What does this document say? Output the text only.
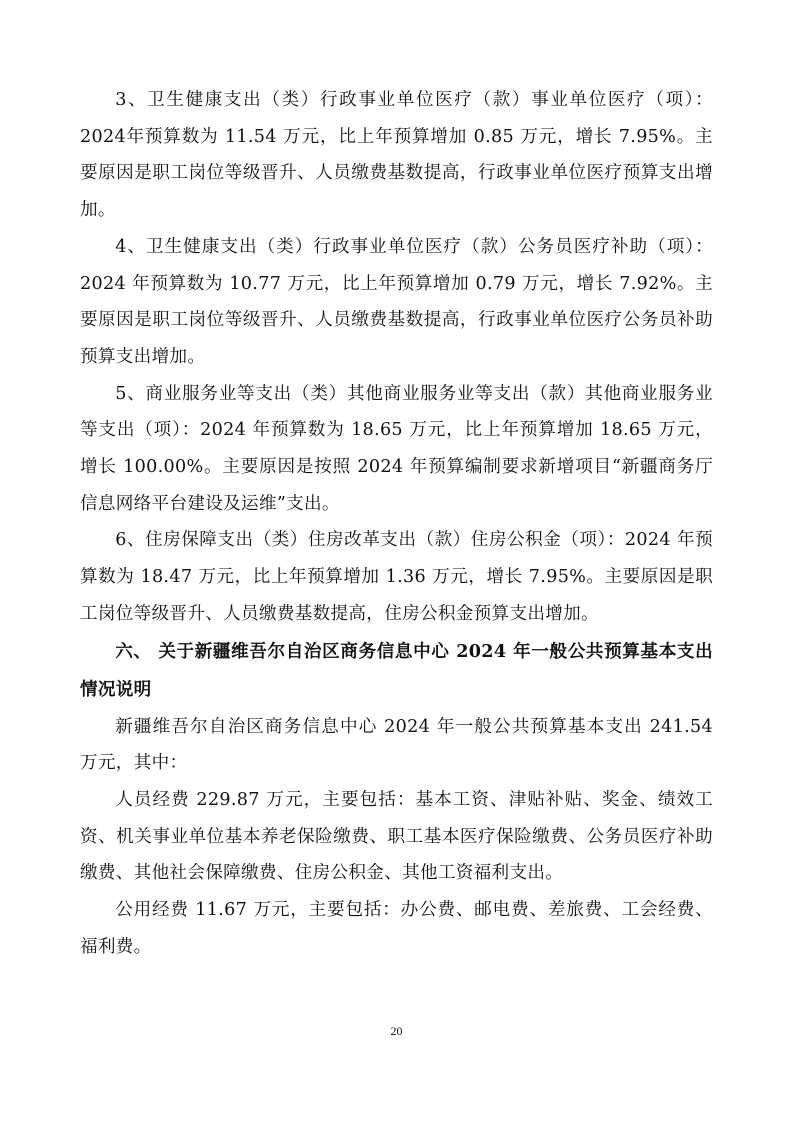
3、卫生健康支出（类）行政事业单位医疗（款）事业单位医疗（项）：2024年预算数为 11.54 万元，比上年预算增加 0.85 万元，增长 7.95%。主要原因是职工岗位等级晋升、人员缴费基数提高，行政事业单位医疗预算支出增加。

4、卫生健康支出（类）行政事业单位医疗（款）公务员医疗补助（项）：2024 年预算数为 10.77 万元，比上年预算增加 0.79 万元，增长 7.92%。主要原因是职工岗位等级晋升、人员缴费基数提高，行政事业单位医疗公务员补助预算支出增加。

5、商业服务业等支出（类）其他商业服务业等支出（款）其他商业服务业等支出（项）：2024 年预算数为 18.65 万元，比上年预算增加 18.65 万元，增长 100.00%。主要原因是按照 2024 年预算编制要求新增项目“新疆商务厅信息网络平台建设及运维”支出。

6、住房保障支出（类）住房改革支出（款）住房公积金（项）：2024 年预算数为 18.47 万元，比上年预算增加 1.36 万元，增长 7.95%。主要原因是职工岗位等级晋升、人员缴费基数提高，住房公积金预算支出增加。

六、 关于新疆维吾尔自治区商务信息中心 2024 年一般公共预算基本支出情况说明

新疆维吾尔自治区商务信息中心 2024 年一般公共预算基本支出 241.54 万元，其中：

人员经费 229.87 万元，主要包括：基本工资、津贴补贴、奖金、绩效工资、机关事业单位基本养老保险缴费、职工基本医疗保险缴费、公务员医疗补助缴费、其他社会保障缴费、住房公积金、其他工资福利支出。

公用经费 11.67 万元，主要包括：办公费、邮电费、差旅费、工会经费、福利费。

20
